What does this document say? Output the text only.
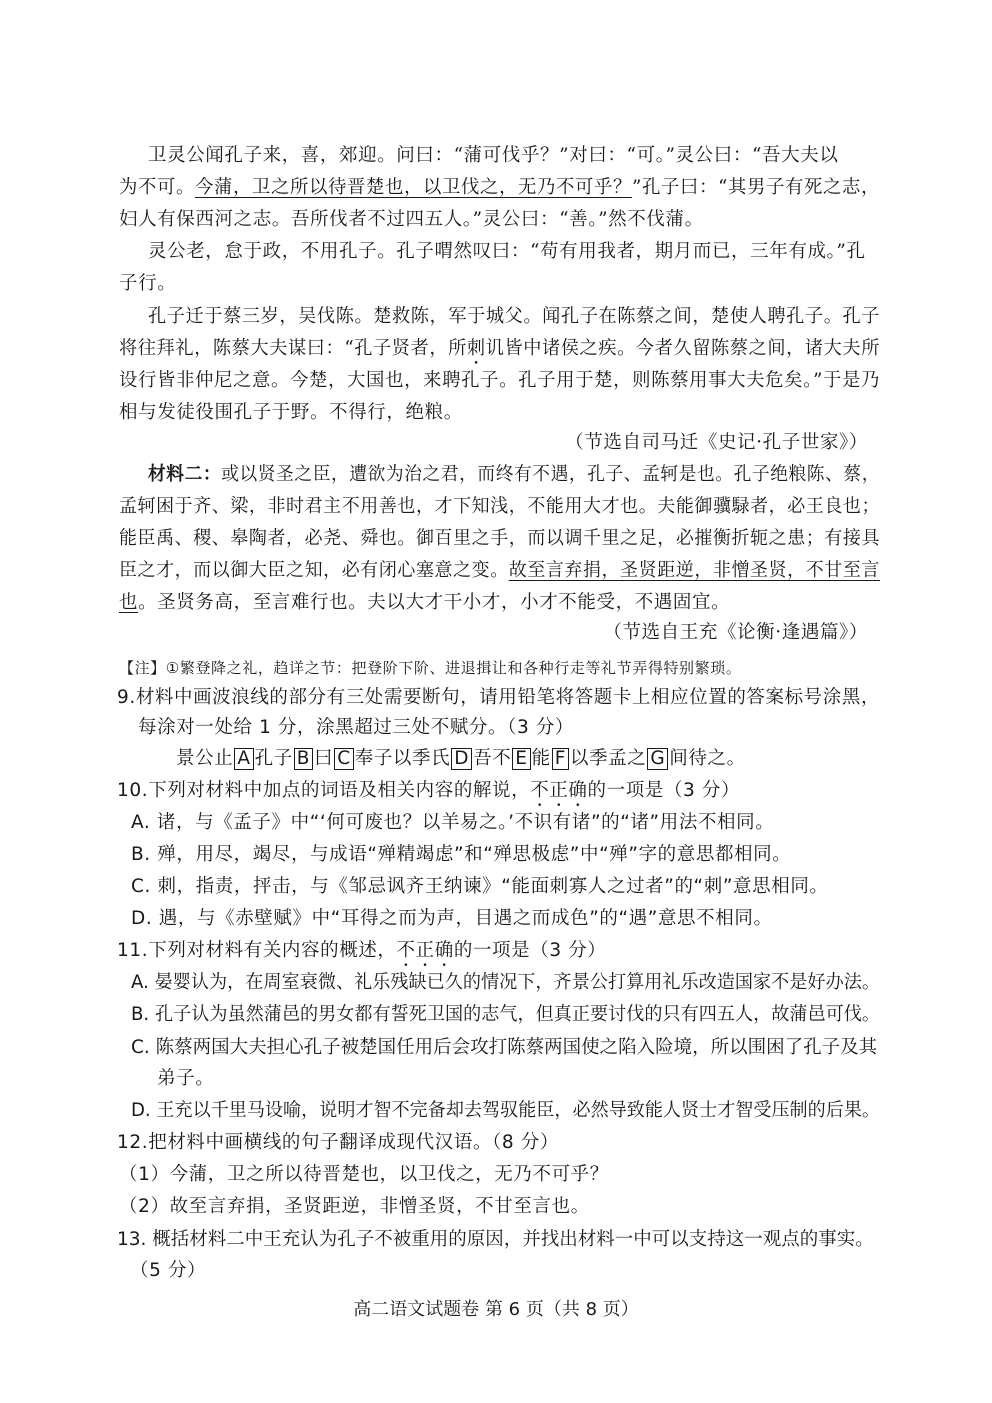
卫灵公闻孔子来，喜，郊迎。问曰：“蒲可伐乎？”对曰：“可。”灵公曰：“吾大夫以
为不可。今蒲，卫之所以待晋楚也，以卫伐之，无乃不可乎？”孔子曰：“其男子有死之志，
妇人有保西河之志。吾所伐者不过四五人。”灵公曰：“善。”然不伐蒲。
灵公老，怠于政，不用孔子。孔子喟然叹曰：“苟有用我者，期月而已，三年有成。”孔
子行。
孔子迁于蔡三岁，吴伐陈。楚救陈，军于城父。闻孔子在陈蔡之间，楚使人聘孔子。孔子
将往拜礼，陈蔡大夫谋曰：“孔子贤者，所刺讥皆中诸侯之疾。今者久留陈蔡之间，诸大夫所
设行皆非仲尼之意。今楚，大国也，来聘孔子。孔子用于楚，则陈蔡用事大夫危矣。”于是乃
相与发徒役围孔子于野。不得行，绝粮。
（节选自司马迁《史记·孔子世家》）
材料二：或以贤圣之臣，遭欲为治之君，而终有不遇，孔子、孟轲是也。孔子绝粮陈、蔡，
孟轲困于齐、梁，非时君主不用善也，才下知浅，不能用大才也。夫能御骥騄者，必王良也；
能臣禹、稷、皋陶者，必尧、舜也。御百里之手，而以调千里之足，必摧衡折轭之患；有接具
臣之才，而以御大臣之知，必有闭心塞意之变。故至言弃捐，圣贤距逆，非憎圣贤，不甘至言
也。圣贤务高，至言难行也。夫以大才干小才，小才不能受，不遇固宜。
（节选自王充《论衡·逢遇篇》）
【注】①繁登降之礼，趋详之节：把登阶下阶、进退揖让和各种行走等礼节弄得特别繁琐。
9.材料中画波浪线的部分有三处需要断句，请用铅笔将答题卡上相应位置的答案标号涂黑，
每涂对一处给 1 分，涂黑超过三处不赋分。（3 分）
景公止 A 孔子 B 曰 C 奉子以季氏 D 吾不 E 能 F 以季孟之 G 间待之。
10.下列对材料中加点的词语及相关内容的解说，不正确的一项是（3 分）
A. 诸，与《孟子》中“‘何可废也？以羊易之。’不识有诸”的“诸”用法不相同。
B. 殚，用尽，竭尽，与成语“殚精竭虑”和“殚思极虑”中“殚”字的意思都相同。
C. 刺，指责，抨击，与《邹忌讽齐王纳谏》“能面刺寡人之过者”的“刺”意思相同。
D. 遇，与《赤壁赋》中“耳得之而为声，目遇之而成色”的“遇”意思不相同。
11.下列对材料有关内容的概述，不正确的一项是（3 分）
A. 晏婴认为，在周室衰微、礼乐残缺已久的情况下，齐景公打算用礼乐改造国家不是好办法。
B. 孔子认为虽然蒲邑的男女都有誓死卫国的志气，但真正要讨伐的只有四五人，故蒲邑可伐。
C. 陈蔡两国大夫担心孔子被楚国任用后会攻打陈蔡两国使之陷入险境，所以围困了孔子及其
弟子。
D. 王充以千里马设喻，说明才智不完备却去驾驭能臣，必然导致能人贤士才智受压制的后果。
12.把材料中画横线的句子翻译成现代汉语。（8 分）
（1）今蒲，卫之所以待晋楚也，以卫伐之，无乃不可乎？
（2）故至言弃捐，圣贤距逆，非憎圣贤，不甘至言也。
13. 概括材料二中王充认为孔子不被重用的原因，并找出材料一中可以支持这一观点的事实。
（5 分）
高二语文试题卷 第 6 页（共 8 页）
